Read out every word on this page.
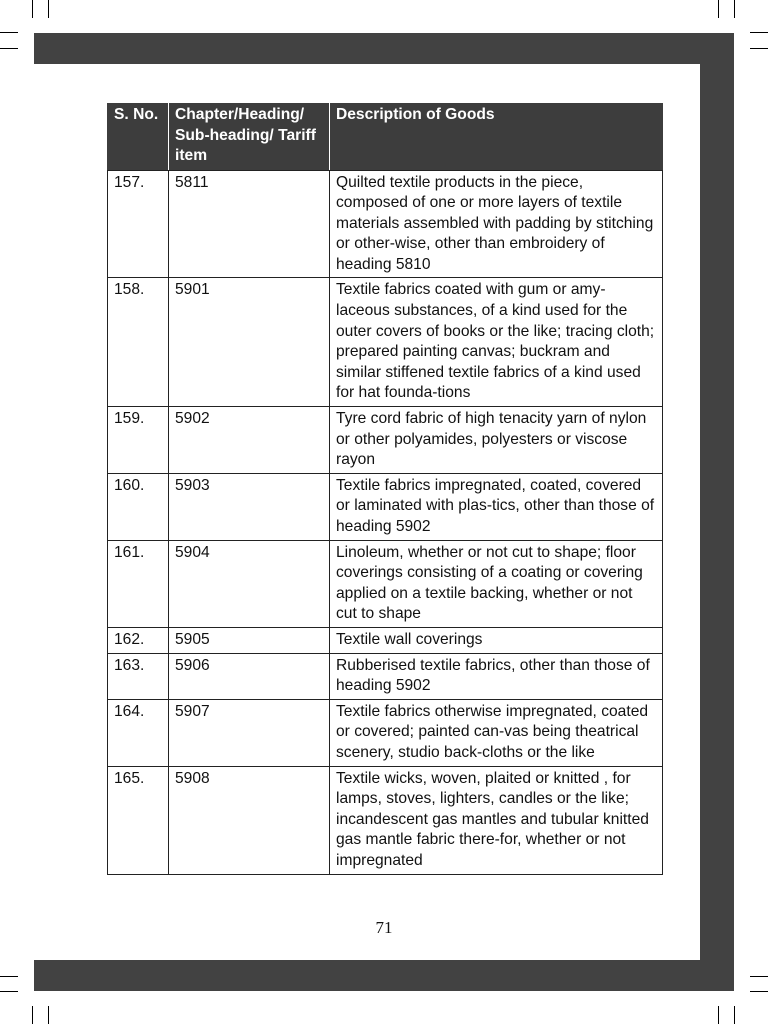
S. No.	Chapter/Heading/ Sub-heading/ Tariff item	Description of Goods
157.	5811	Quilted textile products in the piece, composed of one or more layers of textile materials assembled with padding by stitching or other-wise, other than embroidery of heading 5810
158.	5901	Textile fabrics coated with gum or amy-laceous substances, of a kind used for the outer covers of books or the like; tracing cloth; prepared painting canvas; buckram and similar stiffened textile fabrics of a kind used for hat founda-tions
159.	5902	Tyre cord fabric of high tenacity yarn of nylon or other polyamides, polyesters or viscose rayon
160.	5903	Textile fabrics impregnated, coated, covered or laminated with plas-tics, other than those of heading 5902
161.	5904	Linoleum, whether or not cut to shape; floor coverings consisting of a coating or covering applied on a textile backing, whether or not cut to shape
162.	5905	Textile wall coverings
163.	5906	Rubberised textile fabrics, other than those of heading 5902
164.	5907	Textile fabrics otherwise impregnated, coated or covered; painted can-vas being theatrical scenery, studio back-cloths or the like
165.	5908	Textile wicks, woven, plaited or knitted , for lamps, stoves, lighters, candles or the like; incandescent gas mantles and tubular knitted gas mantle fabric there-for, whether or not impregnated
71
